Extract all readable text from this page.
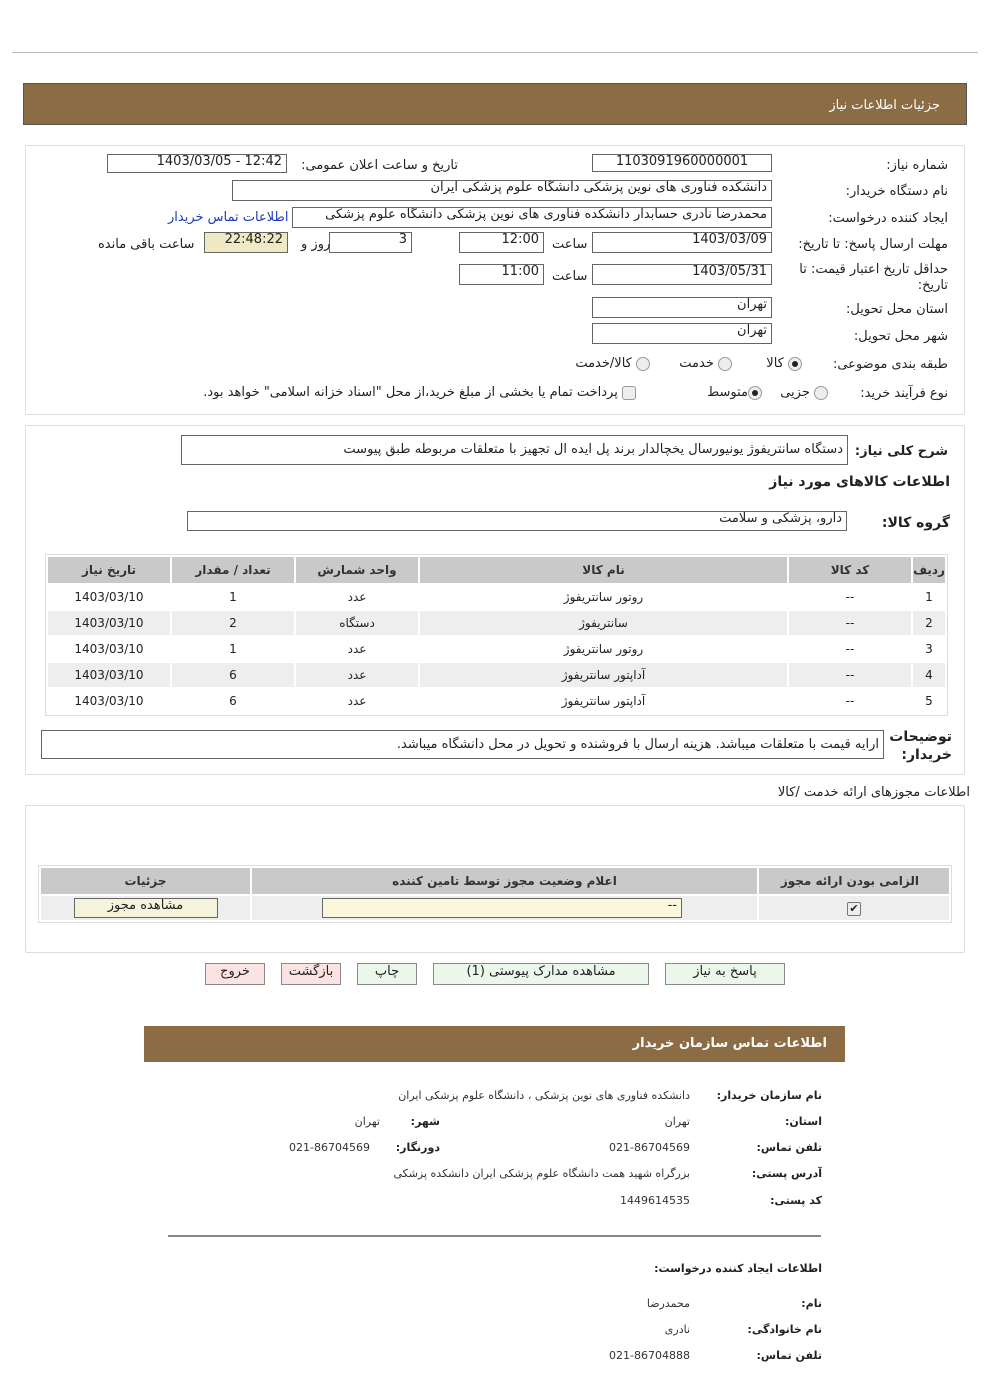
جزئیات اطلاعات نیاز
شماره نیاز:
1103091960000001
تاریخ و ساعت اعلان عمومی:
1403/03/05 - 12:42
نام دستگاه خریدار:
دانشکده فناوری های نوین پزشکی دانشگاه علوم پزشکی ایران
ایجاد کننده درخواست:
محمدرضا نادری حسابدار دانشکده فناوری های نوین پزشکی دانشگاه علوم پزشکی
اطلاعات تماس خریدار
مهلت ارسال پاسخ: تا تاریخ:
1403/03/09
ساعت
12:00
3
روز و
22:48:22
ساعت باقی مانده
حداقل تاریخ اعتبار قیمت: تا تاریخ:
1403/05/31
ساعت
11:00
استان محل تحویل:
تهران
شهر محل تحویل:
تهران
طبقه بندی موضوعی:
کالا
خدمت
کالا/خدمت
نوع فرآیند خرید:
جزیی
متوسط
پرداخت تمام یا بخشی از مبلغ خرید،از محل "اسناد خزانه اسلامی" خواهد بود.
شرح کلی نیاز:
دستگاه سانتریفوژ یونیورسال یخچالدار برند پل ایده ال تجهیز با متعلقات مربوطه طبق پیوست
اطلاعات کالاهای مورد نیاز
گروه کالا:
دارو، پزشکی و سلامت
ردیف	کد کالا	نام کالا	واحد شمارش	تعداد / مقدار	تاریخ نیاز
1	--	روتور سانتریفوژ	عدد	1	1403/03/10
2	--	سانتریفوژ	دستگاه	2	1403/03/10
3	--	روتور سانتریفوژ	عدد	1	1403/03/10
4	--	آداپتور سانتریفوژ	عدد	6	1403/03/10
5	--	آداپتور سانتریفوژ	عدد	6	1403/03/10
توضیحات خریدار:
ارایه قیمت با متعلقات میباشد. هزینه ارسال با فروشنده و تحویل در محل دانشگاه میباشد.
اطلاعات مجوزهای ارائه خدمت /کالا
الزامی بودن ارائه مجوز	اعلام وضعیت مجوز توسط تامین کننده	جزئیات
✔	--	مشاهده مجوز
پاسخ به نیاز
مشاهده مدارک پیوستی (1)
چاپ
بازگشت
خروج
اطلاعات تماس سازمان خریدار
نام سازمان خریدار:
دانشکده فناوری های نوین پزشکی ، دانشگاه علوم پزشکی ایران
استان:
تهران
شهر:
تهران
تلفن تماس:
021-86704569
دورنگار:
021-86704569
آدرس پستی:
بزرگراه شهید همت دانشگاه علوم پزشکی ایران دانشکده پزشکی
کد پستی:
1449614535
اطلاعات ایجاد کننده درخواست:
نام:
محمدرضا
نام خانوادگی:
نادری
تلفن تماس:
021-86704888
